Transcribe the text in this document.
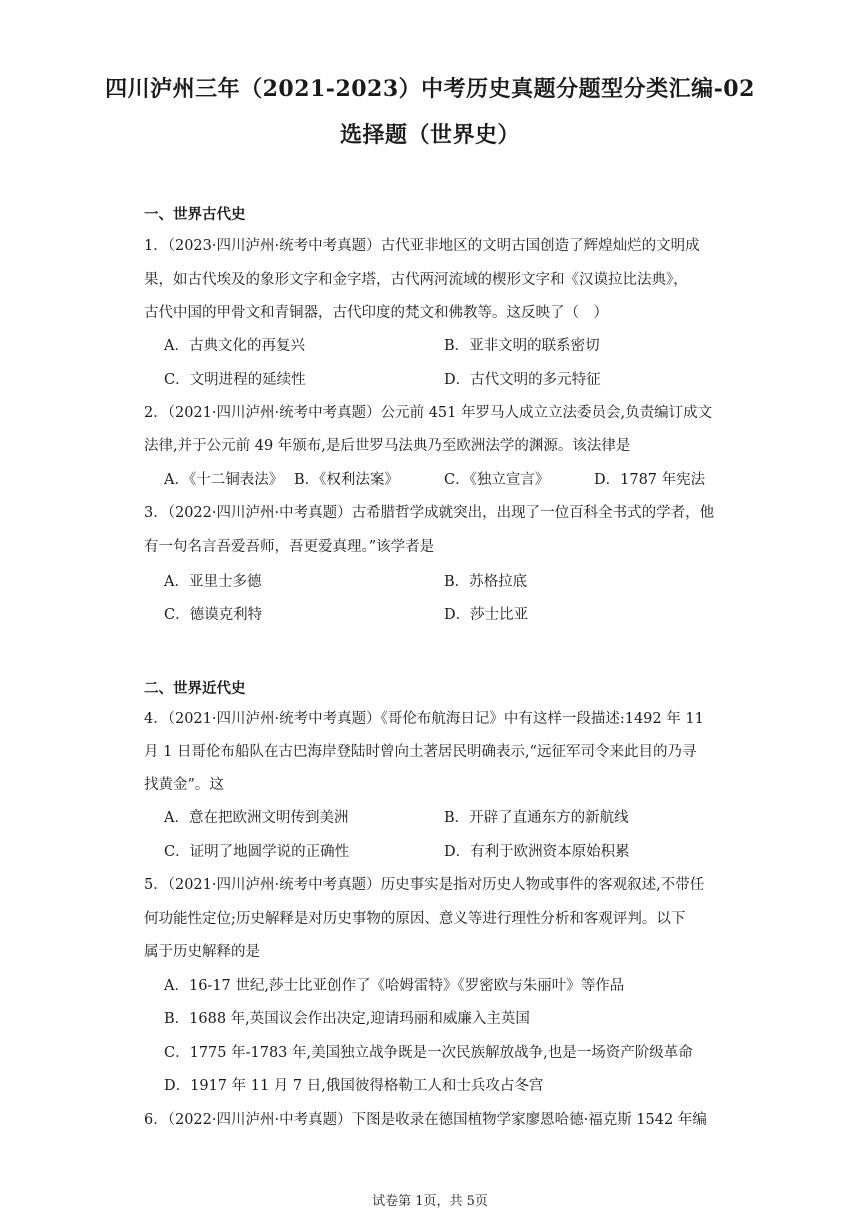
四川泸州三年（2021-2023）中考历史真题分题型分类汇编-02
选择题（世界史）
一、世界古代史
1．（2023·四川泸州·统考中考真题）古代亚非地区的文明古国创造了辉煌灿烂的文明成
果，如古代埃及的象形文字和金字塔，古代两河流域的楔形文字和《汉谟拉比法典》，
古代中国的甲骨文和青铜器，古代印度的梵文和佛教等。这反映了（　）
A．古典文化的再复兴	B．亚非文明的联系密切
C．文明进程的延续性	D．古代文明的多元特征
2．（2021·四川泸州·统考中考真题）公元前 451 年罗马人成立立法委员会,负责编订成文
法律,并于公元前 49 年颁布,是后世罗马法典乃至欧洲法学的渊源。该法律是
A．《十二铜表法》 B．《权利法案》	C．《独立宣言》	D．1787 年宪法
3．（2022·四川泸州·中考真题）古希腊哲学成就突出，出现了一位百科全书式的学者，他
有一句名言吾爱吾师，吾更爱真理。”该学者是
A．亚里士多德	B．苏格拉底
C．德谟克利特	D．莎士比亚
二、世界近代史
4．（2021·四川泸州·统考中考真题）《哥伦布航海日记》中有这样一段描述:1492 年 11
月 1 日哥伦布船队在古巴海岸登陆时曾向土著居民明确表示,“远征军司令来此目的乃寻
找黄金”。这
A．意在把欧洲文明传到美洲	B．开辟了直通东方的新航线
C．证明了地圆学说的正确性	D．有利于欧洲资本原始积累
5．（2021·四川泸州·统考中考真题）历史事实是指对历史人物或事件的客观叙述,不带任
何功能性定位;历史解释是对历史事物的原因、意义等进行理性分析和客观评判。以下
属于历史解释的是
A．16-17 世纪,莎士比亚创作了《哈姆雷特》《罗密欧与朱丽叶》等作品
B．1688 年,英国议会作出决定,迎请玛丽和威廉入主英国
C．1775 年-1783 年,美国独立战争既是一次民族解放战争,也是一场资产阶级革命
D．1917 年 11 月 7 日,俄国彼得格勒工人和士兵攻占冬宫
6．（2022·四川泸州·中考真题）下图是收录在德国植物学家廖恩哈德·福克斯 1542 年编
试卷第 1页，共 5页
